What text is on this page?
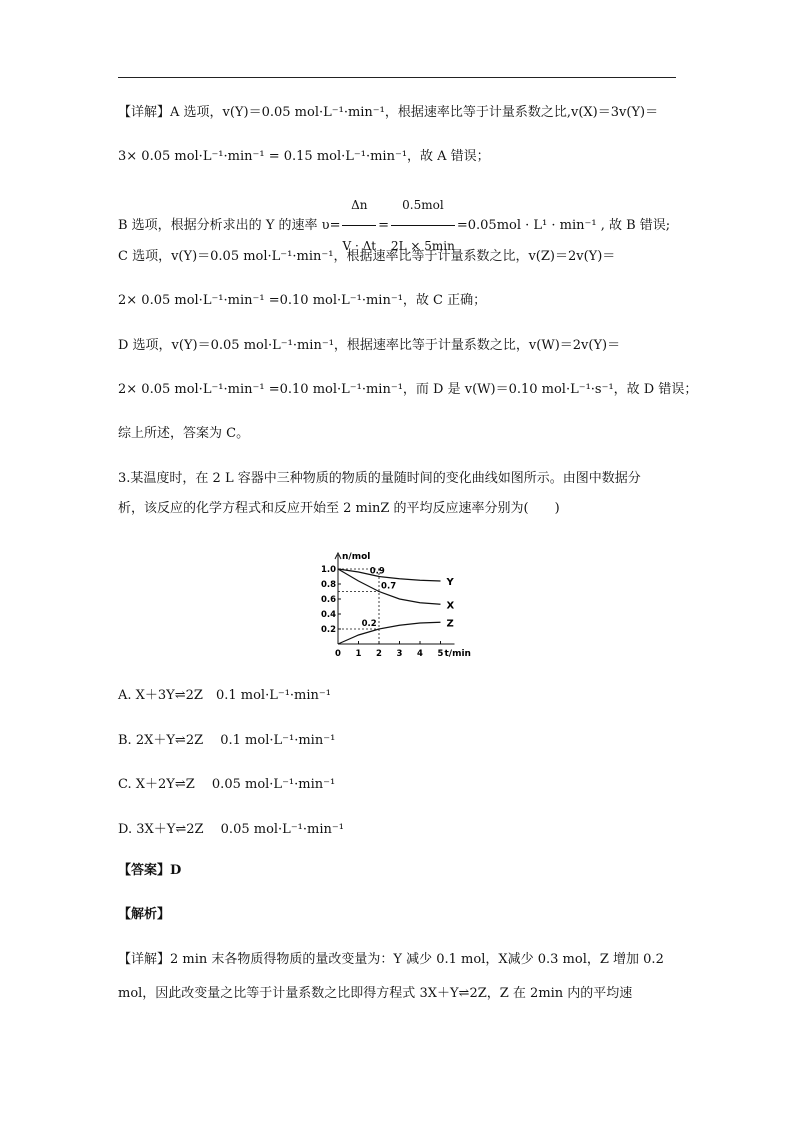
【详解】A 选项，v(Y)＝0.05 mol·L⁻¹·min⁻¹，根据速率比等于计量系数之比,v(X)＝3v(Y)＝
3× 0.05 mol·L⁻¹·min⁻¹ = 0.15 mol·L⁻¹·min⁻¹，故 A 错误；
B 选项，根据分析求出的 Y 的速率 $\upsilon= \frac{\Delta n}{V \cdot \Delta t} = \frac{\text{0.5mol}}{2L \times 5\min} =0.05mol \cdot L^1 \cdot \min^{-1}$ , 故 B 错误;
C 选项，v(Y)＝0.05 mol·L⁻¹·min⁻¹，根据速率比等于计量系数之比，v(Z)＝2v(Y)＝
2× 0.05 mol·L⁻¹·min⁻¹ =0.10 mol·L⁻¹·min⁻¹，故 C 正确；
D 选项，v(Y)＝0.05 mol·L⁻¹·min⁻¹，根据速率比等于计量系数之比，v(W)＝2v(Y)＝
2× 0.05 mol·L⁻¹·min⁻¹ =0.10 mol·L⁻¹·min⁻¹，而 D 是 v(W)＝0.10 mol·L⁻¹·s⁻¹，故 D 错误；
综上所述，答案为 C。
3.某温度时，在 2 L 容器中三种物质的物质的量随时间的变化曲线如图所示。由图中数据分
析，该反应的化学方程式和反应开始至 2 minZ 的平均反应速率分别为(　　)
1.0
0.8
0.6
0.4
0.2
0 1 2 3 4 5
n/mol
t/min
Y
X
Z
0.9
0.7
0.2
A. X＋3Y⇌2Z　0.1 mol·L⁻¹·min⁻¹
B. 2X＋Y⇌2Z　 0.1 mol·L⁻¹·min⁻¹
C. X＋2Y⇌Z　 0.05 mol·L⁻¹·min⁻¹
D. 3X＋Y⇌2Z　 0.05 mol·L⁻¹·min⁻¹
【答案】D
【解析】
【详解】2 min 末各物质得物质的量改变量为：Y 减少 0.1 mol，X减少 0.3 mol，Z 增加 0.2
mol，因此改变量之比等于计量系数之比即得方程式 3X＋Y⇌2Z，Z 在 2min 内的平均速
